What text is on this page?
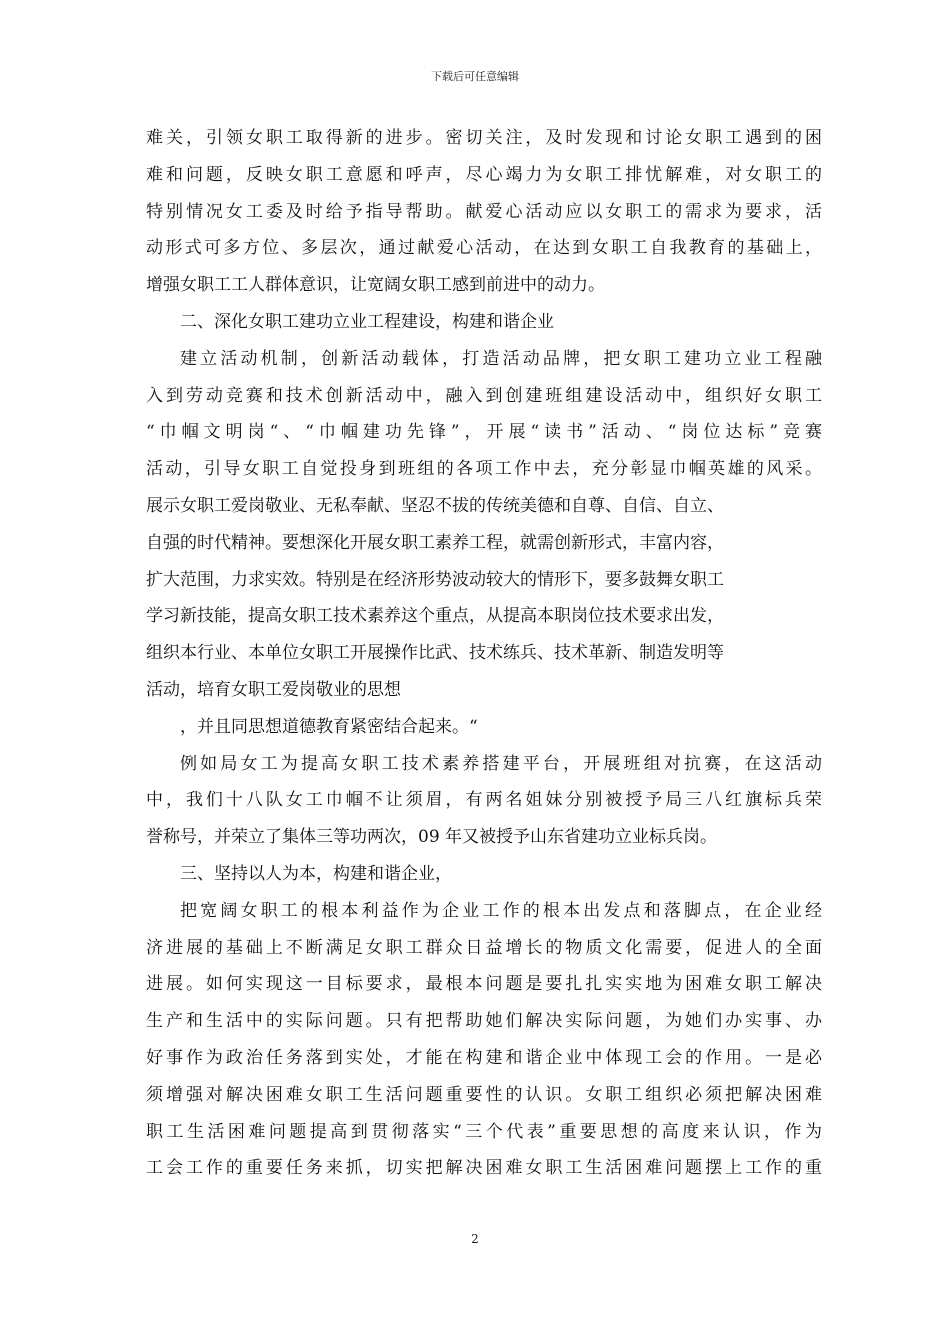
下载后可任意编辑
难关，引领女职工取得新的进步。密切关注，及时发现和讨论女职工遇到的困
难和问题，反映女职工意愿和呼声，尽心竭力为女职工排忧解难，对女职工的
特别情况女工委及时给予指导帮助。献爱心活动应以女职工的需求为要求，活
动形式可多方位、多层次，通过献爱心活动，在达到女职工自我教育的基础上，
增强女职工工人群体意识，让宽阔女职工感到前进中的动力。
二、深化女职工建功立业工程建设，构建和谐企业
建立活动机制，创新活动载体，打造活动品牌，把女职工建功立业工程融
入到劳动竞赛和技术创新活动中，融入到创建班组建设活动中，组织好女职工
“巾帼文明岗“、“巾帼建功先锋”，开展“读书”活动、“岗位达标”竞赛
活动，引导女职工自觉投身到班组的各项工作中去，充分彰显巾帼英雄的风采。
展示女职工爱岗敬业、无私奉献、坚忍不拔的传统美德和自尊、自信、自立、
自强的时代精神。要想深化开展女职工素养工程，就需创新形式，丰富内容，
扩大范围，力求实效。特别是在经济形势波动较大的情形下，要多鼓舞女职工
学习新技能，提高女职工技术素养这个重点，从提高本职岗位技术要求出发，
组织本行业、本单位女职工开展操作比武、技术练兵、技术革新、制造发明等
活动，培育女职工爱岗敬业的思想
，并且同思想道德教育紧密结合起来。“
例如局女工为提高女职工技术素养搭建平台，开展班组对抗赛，在这活动
中，我们十八队女工巾帼不让须眉，有两名姐妹分别被授予局三八红旗标兵荣
誉称号，并荣立了集体三等功两次，09 年又被授予山东省建功立业标兵岗。
三、坚持以人为本，构建和谐企业，
把宽阔女职工的根本利益作为企业工作的根本出发点和落脚点，在企业经
济进展的基础上不断满足女职工群众日益增长的物质文化需要，促进人的全面
进展。如何实现这一目标要求，最根本问题是要扎扎实实地为困难女职工解决
生产和生活中的实际问题。只有把帮助她们解决实际问题，为她们办实事、办
好事作为政治任务落到实处，才能在构建和谐企业中体现工会的作用。一是必
须增强对解决困难女职工生活问题重要性的认识。女职工组织必须把解决困难
职工生活困难问题提高到贯彻落实“三个代表”重要思想的高度来认识，作为
工会工作的重要任务来抓，切实把解决困难女职工生活困难问题摆上工作的重
2
